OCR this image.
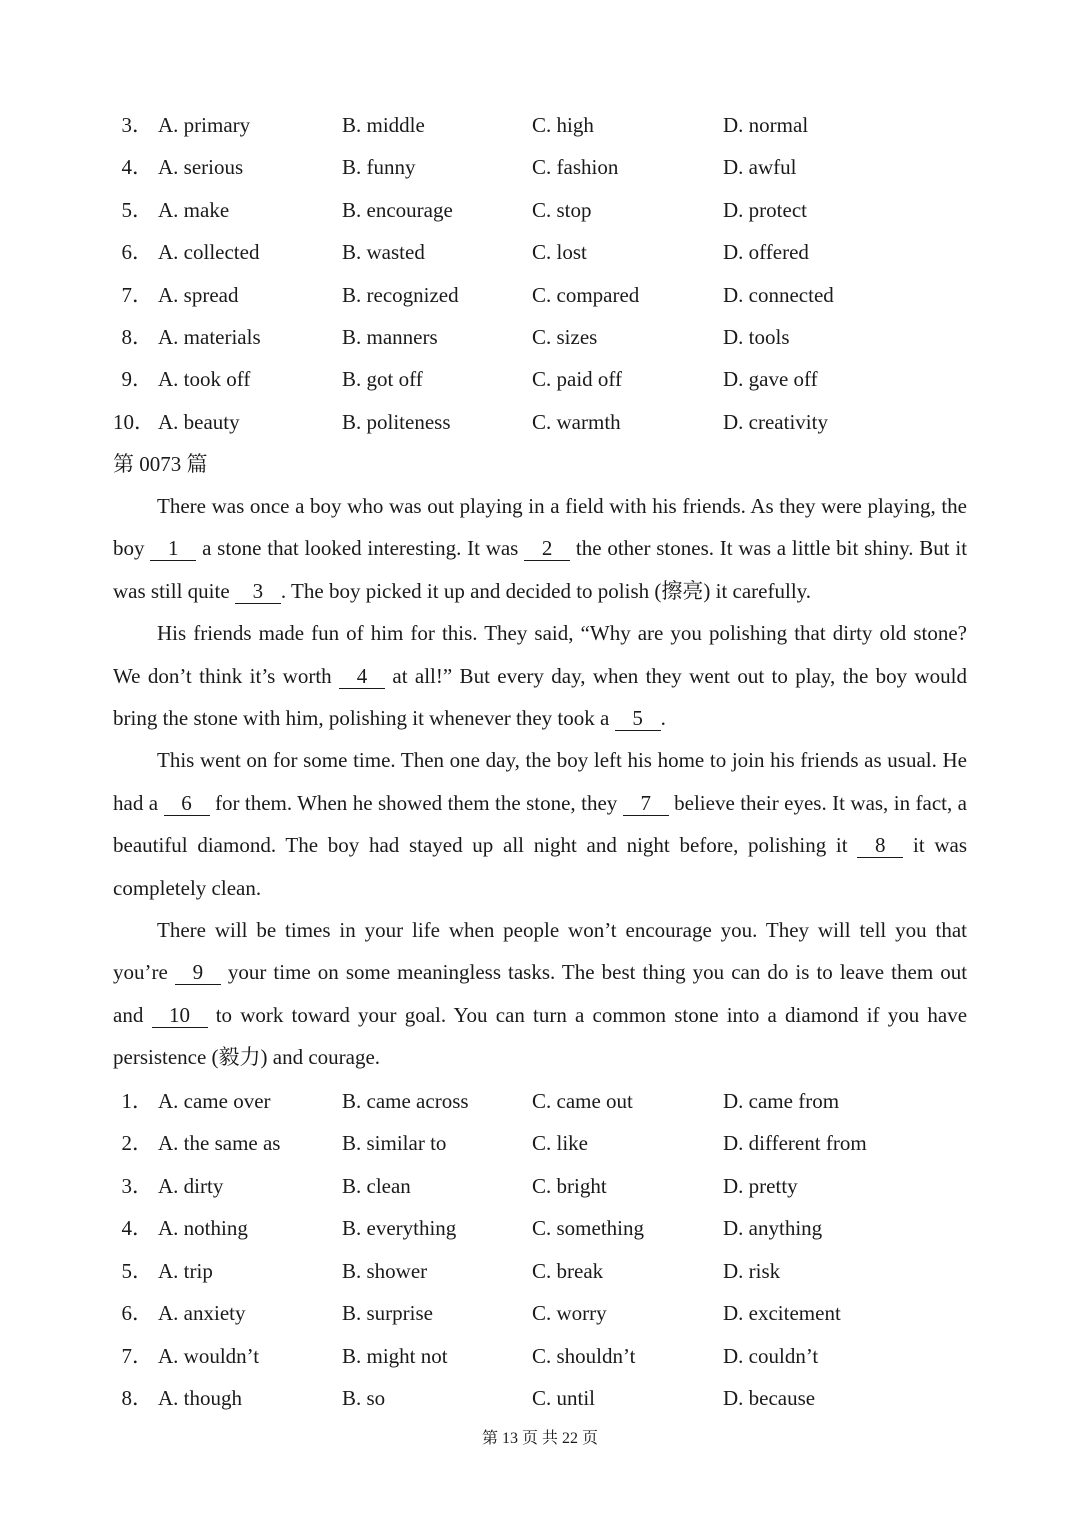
3． A. primary	B. middle	C. high	D. normal
4． A. serious	B. funny	C. fashion	D. awful
5． A. make	B. encourage	C. stop	D. protect
6． A. collected	B. wasted	C. lost	D. offered
7． A. spread	B. recognized	C. compared	D. connected
8． A. materials	B. manners	C. sizes	D. tools
9． A. took off	B. got off	C. paid off	D. gave off
10． A. beauty	B. politeness	C. warmth	D. creativity
第 0073 篇

There was once a boy who was out playing in a field with his friends. As they were playing, the boy 1 a stone that looked interesting. It was 2 the other stones. It was a little bit shiny. But it was still quite 3 . The boy picked it up and decided to polish (擦亮) it carefully.

His friends made fun of him for this. They said, “Why are you polishing that dirty old stone? We don’t think it’s worth 4 at all!” But every day, when they went out to play, the boy would bring the stone with him, polishing it whenever they took a 5 .

This went on for some time. Then one day, the boy left his home to join his friends as usual. He had a 6 for them. When he showed them the stone, they 7 believe their eyes. It was, in fact, a beautiful diamond. The boy had stayed up all night and night before, polishing it 8 it was completely clean.

There will be times in your life when people won’t encourage you. They will tell you that you’re 9 your time on some meaningless tasks. The best thing you can do is to leave them out and 10 to work toward your goal. You can turn a common stone into a diamond if you have persistence (毅力) and courage.

1． A. came over	B. came across	C. came out	D. came from
2． A. the same as	B. similar to	C. like	D. different from
3． A. dirty	B. clean	C. bright	D. pretty
4． A. nothing	B. everything	C. something	D. anything
5． A. trip	B. shower	C. break	D. risk
6． A. anxiety	B. surprise	C. worry	D. excitement
7． A. wouldn’t	B. might not	C. shouldn’t	D. couldn’t
8． A. though	B. so	C. until	D. because
第 13 页 共 22 页
